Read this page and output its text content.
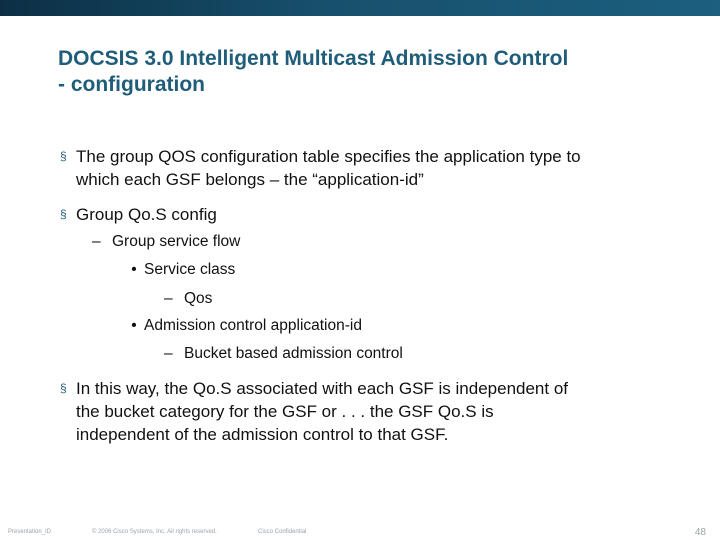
DOCSIS 3.0 Intelligent Multicast Admission Control
- configuration
§ The group QOS configuration table specifies the application type to
which each GSF belongs – the “application-id”
§ Group Qo.S config
– Group service flow
• Service class
– Qos
• Admission control application-id
– Bucket based admission control
§ In this way, the Qo.S associated with each GSF is independent of
the bucket category for the GSF or . . . the GSF Qo.S is
independent of the admission control to that GSF.
Presentation_ID	© 2006 Cisco Systems, Inc. All rights reserved.	Cisco Confidential	48
